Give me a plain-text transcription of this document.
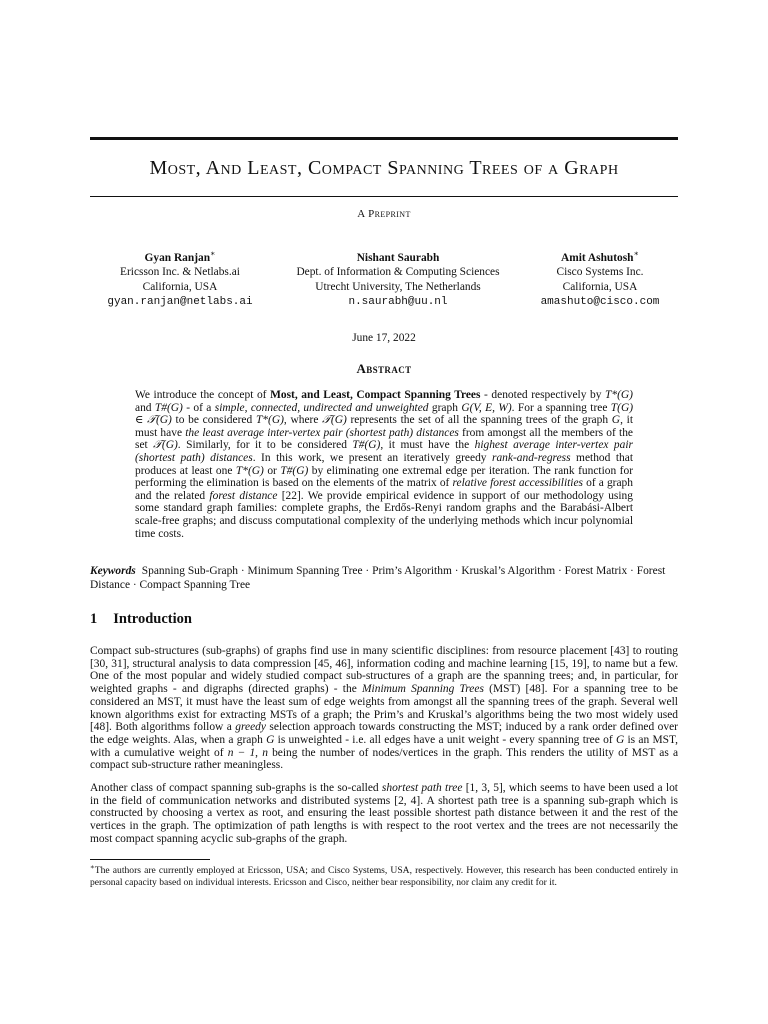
Most, And Least, Compact Spanning Trees of a Graph
A Preprint
Gyan Ranjan∗
Ericsson Inc. & Netlabs.ai
California, USA
gyan.ranjan@netlabs.ai
Nishant Saurabh
Dept. of Information & Computing Sciences
Utrecht University, The Netherlands
n.saurabh@uu.nl
Amit Ashutosh∗
Cisco Systems Inc.
California, USA
amashuto@cisco.com
June 17, 2022
Abstract
We introduce the concept of Most, and Least, Compact Spanning Trees - denoted respectively by T*(G) and T#(G) - of a simple, connected, undirected and unweighted graph G(V, E, W). For a spanning tree T(G) ∈ 𝒯(G) to be considered T*(G), where 𝒯(G) represents the set of all the spanning trees of the graph G, it must have the least average inter-vertex pair (shortest path) distances from amongst all the members of the set 𝒯(G). Similarly, for it to be considered T#(G), it must have the highest average inter-vertex pair (shortest path) distances. In this work, we present an iteratively greedy rank-and-regress method that produces at least one T*(G) or T#(G) by eliminating one extremal edge per iteration. The rank function for performing the elimination is based on the elements of the matrix of relative forest accessibilities of a graph and the related forest distance [22]. We provide empirical evidence in support of our methodology using some standard graph families: complete graphs, the Erdős-Renyi random graphs and the Barabási-Albert scale-free graphs; and discuss computational complexity of the underlying methods which incur polynomial time costs.
Keywords Spanning Sub-Graph · Minimum Spanning Tree · Prim’s Algorithm · Kruskal’s Algorithm · Forest Matrix · Forest Distance · Compact Spanning Tree
1 Introduction
Compact sub-structures (sub-graphs) of graphs find use in many scientific disciplines: from resource placement [43] to routing [30, 31], structural analysis to data compression [45, 46], information coding and machine learning [15, 19], to name but a few. One of the most popular and widely studied compact sub-structures of a graph are the spanning trees; and, in particular, for weighted graphs - and digraphs (directed graphs) - the Minimum Spanning Trees (MST) [48]. For a spanning tree to be considered an MST, it must have the least sum of edge weights from amongst all the spanning trees of the graph. Several well known algorithms exist for extracting MSTs of a graph; the Prim’s and Kruskal’s algorithms being the two most widely used [48]. Both algorithms follow a greedy selection approach towards constructing the MST; induced by a rank order defined over the edge weights. Alas, when a graph G is unweighted - i.e. all edges have a unit weight - every spanning tree of G is an MST, with a cumulative weight of n − 1, n being the number of nodes/vertices in the graph. This renders the utility of MST as a compact sub-structure rather meaningless.
Another class of compact spanning sub-graphs is the so-called shortest path tree [1, 3, 5], which seems to have been used a lot in the field of communication networks and distributed systems [2, 4]. A shortest path tree is a spanning sub-graph which is constructed by choosing a vertex as root, and ensuring the least possible shortest path distance between it and the rest of the vertices in the graph. The optimization of path lengths is with respect to the root vertex and the trees are not necessarily the most compact spanning acyclic sub-graphs of the graph.
∗The authors are currently employed at Ericsson, USA; and Cisco Systems, USA, respectively. However, this research has been conducted entirely in personal capacity based on individual interests. Ericsson and Cisco, neither bear responsibility, nor claim any credit for it.
